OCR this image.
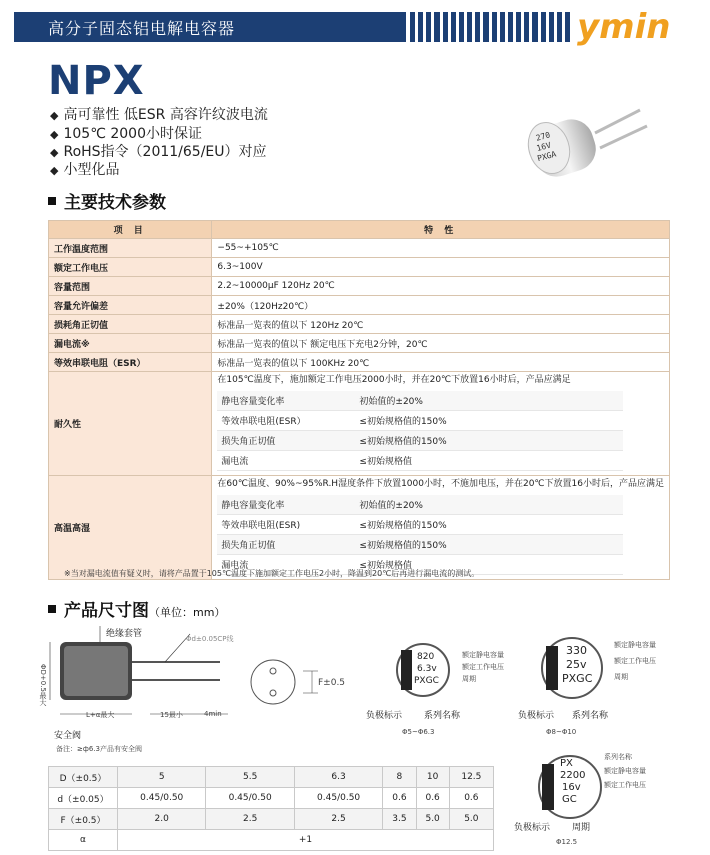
高分子固态铝电解电容器	ymin
NPX
◆ 高可靠性 低ESR 高容许纹波电流
◆ 105℃ 2000小时保证
◆ RoHS指令（2011/65/EU）对应
◆ 小型化品
270
16V
PXGA
主要技术参数
项 目	特 性
工作温度范围	−55~+105℃
额定工作电压	6.3~100V
容量范围	2.2~10000μF 120Hz 20℃
容量允许偏差	±20%（120Hz20℃）
损耗角正切值	标准品一览表的值以下 120Hz 20℃
漏电流※	标准品一览表的值以下 额定电压下充电2分钟，20℃
等效串联电阻（ESR）	标准品一览表的值以下 100KHz 20℃
耐久性	
在105℃温度下，施加额定工作电压2000小时，并在20℃下放置16小时后，产品应满足
静电容量变化率	初始值的±20%
等效串联电阻(ESR）	≤初始规格值的150%
损失角正切值	≤初始规格值的150%
漏电流	≤初始规格值

高温高湿	
在60℃温度、90%~95%R.H湿度条件下放置1000小时，不施加电压，并在20℃下放置16小时后，产品应满足
静电容量变化率	初始值的±20%
等效串联电阻(ESR)	≤初始规格值的150%
损失角正切值	≤初始规格值的150%
漏电流	≤初始规格值
※当对漏电流值有疑义时，请将产品置于105℃温度下施加额定工作电压2小时，降温到20℃后再进行漏电流的测试。
产品尺寸图（单位：mm）
绝缘套管	Φd±0.05CP线
ΦD+0.5最大
L+α最大	15最小	4min
安全阀
备注：≥ф6.3产品有安全阀
F±0.5
820
6.3v
PXGC
额定静电容量
额定工作电压
周期
负极标示 系列名称
Φ5~Φ6.3
330
25v
PXGC
额定静电容量
额定工作电压
周期
负极标示 系列名称
Φ8~Φ10
PX
2200
16v
GC
系列名称
额定静电容量
额定工作电压
负极标示 周期
Φ12.5
D（±0.5）	5	5.5	6.3	8	10	12.5
d（±0.05）	0.45/0.50	0.45/0.50	0.45/0.50	0.6	0.6	0.6
F（±0.5）	2.0	2.5	2.5	3.5	5.0	5.0
α	+1					
